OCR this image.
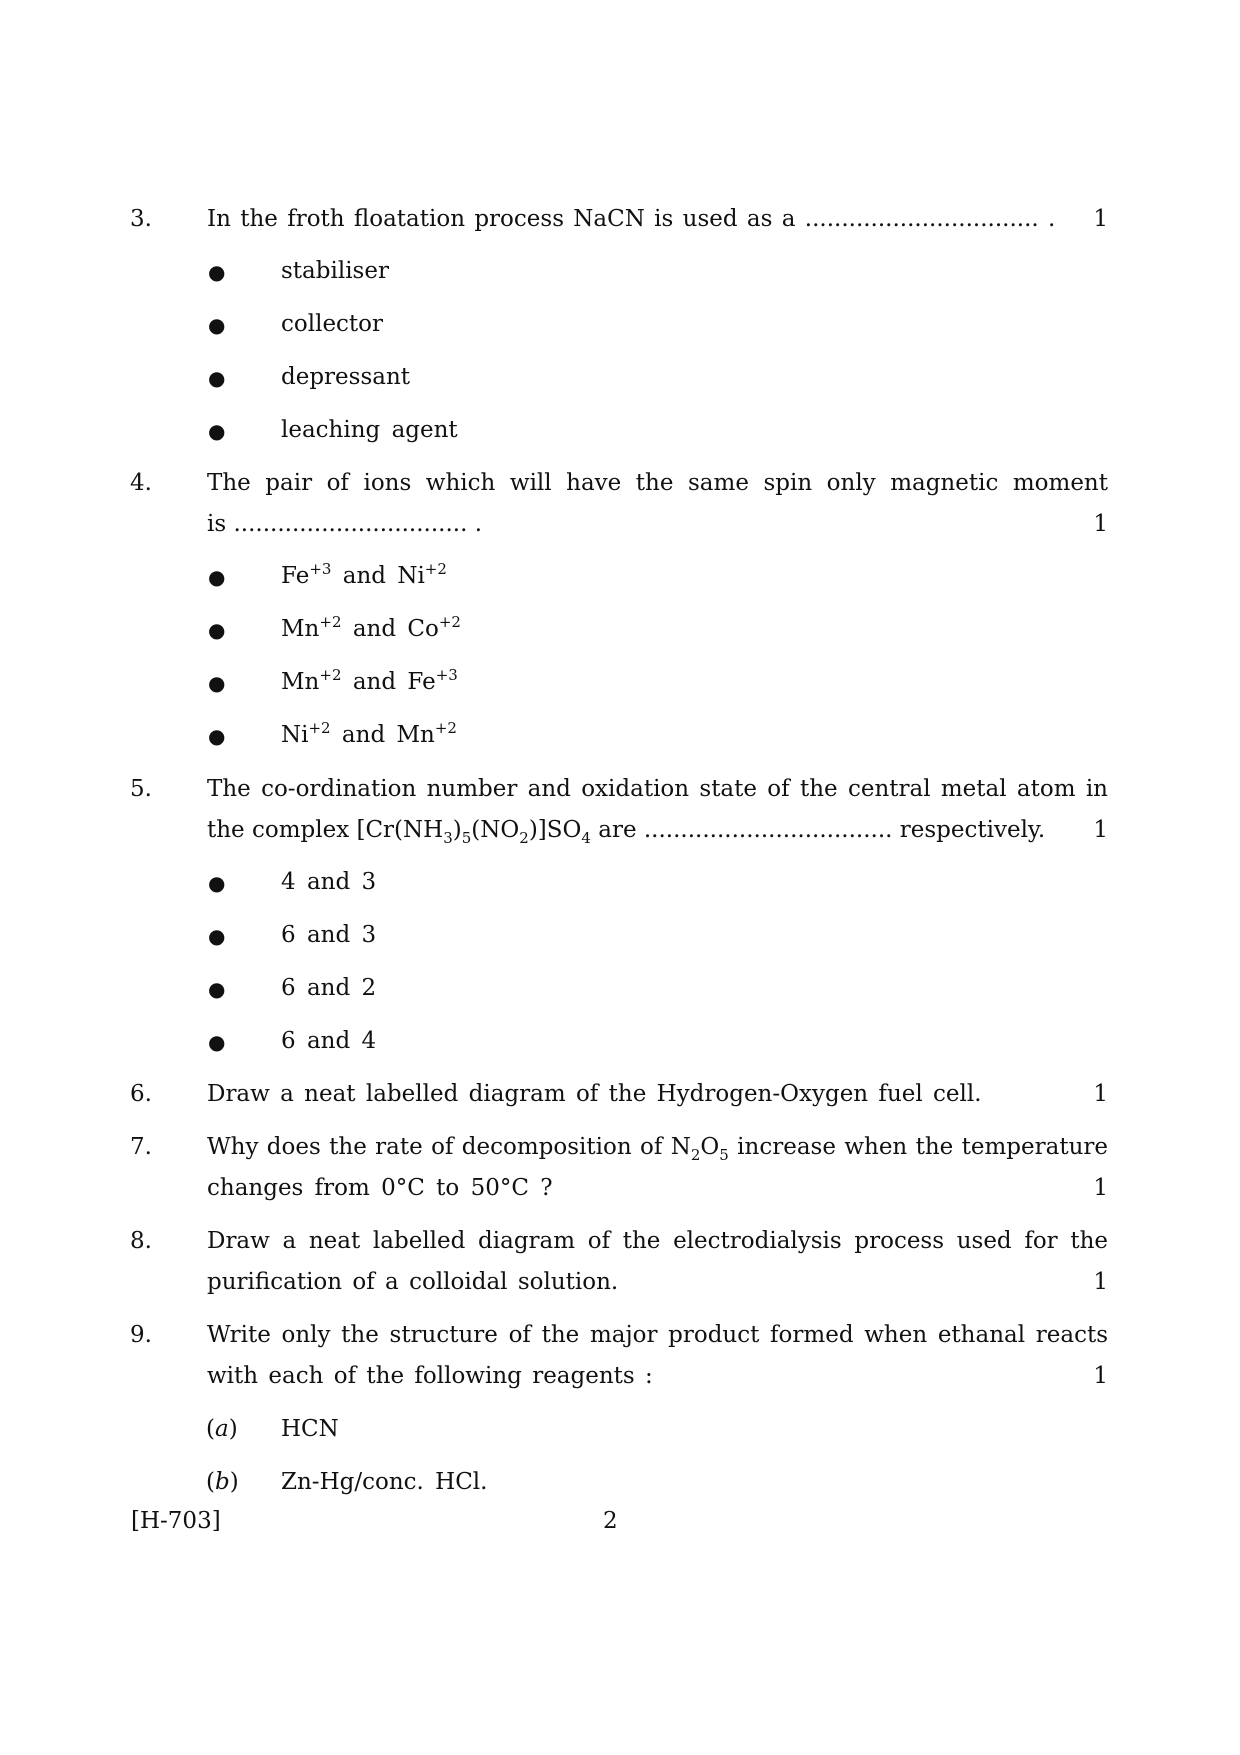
3. In the froth floatation process NaCN is used as a ................................ . 1
● stabiliser
● collector
● depressant
● leaching agent
4. The pair of ions which will have the same spin only magnetic moment
is ................................ .	1
● $Fe^{+3}$ and $Ni^{+2}$
● $Mn^{+2}$ and $Co^{+2}$
● $Mn^{+2}$ and $Fe^{+3}$
● $Ni^{+2}$ and $Mn^{+2}$
5. The co-ordination number and oxidation state of the central metal atom in
the complex $[Cr(NH_3)_5(NO_2)]SO_4$ are .................................. respectively. 1
● 4 and 3
● 6 and 3
● 6 and 2
● 6 and 4
6. Draw a neat labelled diagram of the Hydrogen-Oxygen fuel cell.	1
7. Why does the rate of decomposition of $N_2O_5$ increase when the temperature
changes from 0°C to 50°C ?	1
8. Draw a neat labelled diagram of the electrodialysis process used for the
purification of a colloidal solution.	1
9. Write only the structure of the major product formed when ethanal reacts
with each of the following reagents :	1
(a) HCN
(b) Zn-Hg/conc. HCl.
[H-703]	2
